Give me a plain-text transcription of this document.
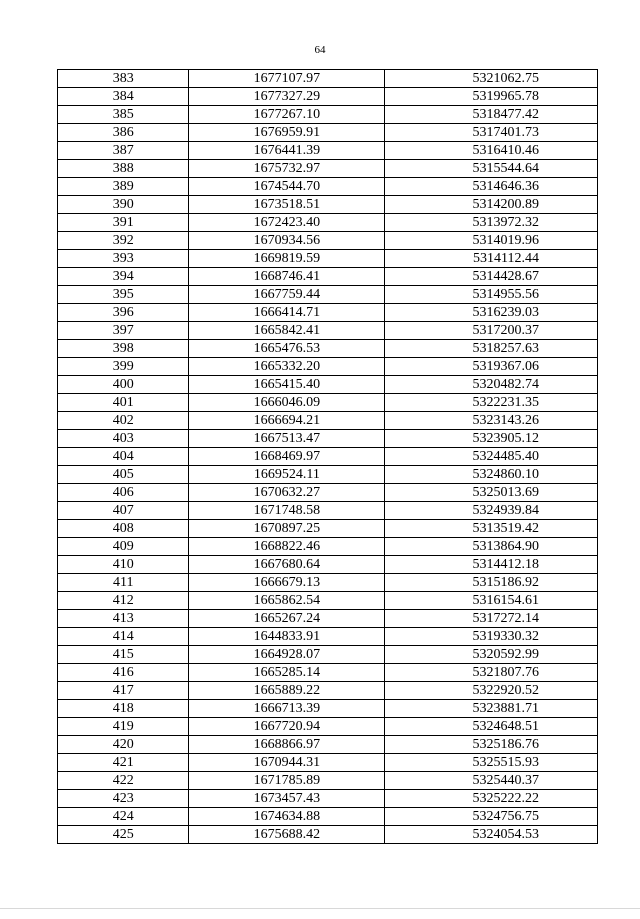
64
383	1677107.97	5321062.75
384	1677327.29	5319965.78
385	1677267.10	5318477.42
386	1676959.91	5317401.73
387	1676441.39	5316410.46
388	1675732.97	5315544.64
389	1674544.70	5314646.36
390	1673518.51	5314200.89
391	1672423.40	5313972.32
392	1670934.56	5314019.96
393	1669819.59	5314112.44
394	1668746.41	5314428.67
395	1667759.44	5314955.56
396	1666414.71	5316239.03
397	1665842.41	5317200.37
398	1665476.53	5318257.63
399	1665332.20	5319367.06
400	1665415.40	5320482.74
401	1666046.09	5322231.35
402	1666694.21	5323143.26
403	1667513.47	5323905.12
404	1668469.97	5324485.40
405	1669524.11	5324860.10
406	1670632.27	5325013.69
407	1671748.58	5324939.84
408	1670897.25	5313519.42
409	1668822.46	5313864.90
410	1667680.64	5314412.18
411	1666679.13	5315186.92
412	1665862.54	5316154.61
413	1665267.24	5317272.14
414	1644833.91	5319330.32
415	1664928.07	5320592.99
416	1665285.14	5321807.76
417	1665889.22	5322920.52
418	1666713.39	5323881.71
419	1667720.94	5324648.51
420	1668866.97	5325186.76
421	1670944.31	5325515.93
422	1671785.89	5325440.37
423	1673457.43	5325222.22
424	1674634.88	5324756.75
425	1675688.42	5324054.53
